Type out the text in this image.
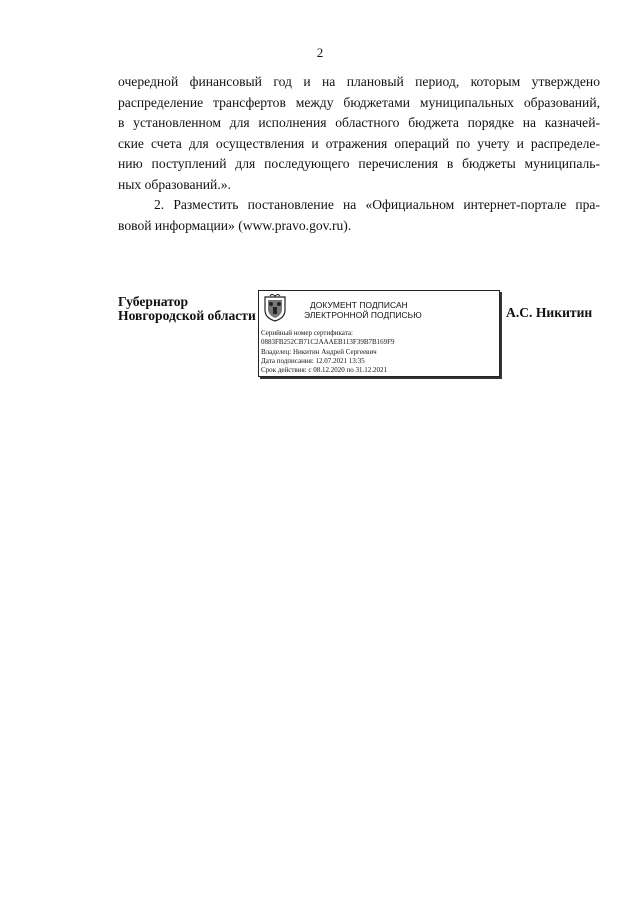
2
очередной финансовый год и на плановый период, которым утверждено
распределение трансфертов между бюджетами муниципальных образований,
в установленном для исполнения областного бюджета порядке на казначей-
ские счета для осуществления и отражения операций по учету и распределе-
нию поступлений для последующего перечисления в бюджеты муниципаль-
ных образований.».
2. Разместить постановление на «Официальном интернет-портале пра-
вовой информации» (www.pravo.gov.ru).
Губернатор
Новгородской области
ДОКУМЕНТ ПОДПИСАН
ЭЛЕКТРОННОЙ ПОДПИСЬЮ
Серийный номер сертификата:
0883FB252CB71C2AAAEB113F39B7B169F9
Владелец: Никитин Андрей Сергеевич
Дата подписания: 12.07.2021 13:35
Срок действия: с 08.12.2020 по 31.12.2021
А.С. Никитин
